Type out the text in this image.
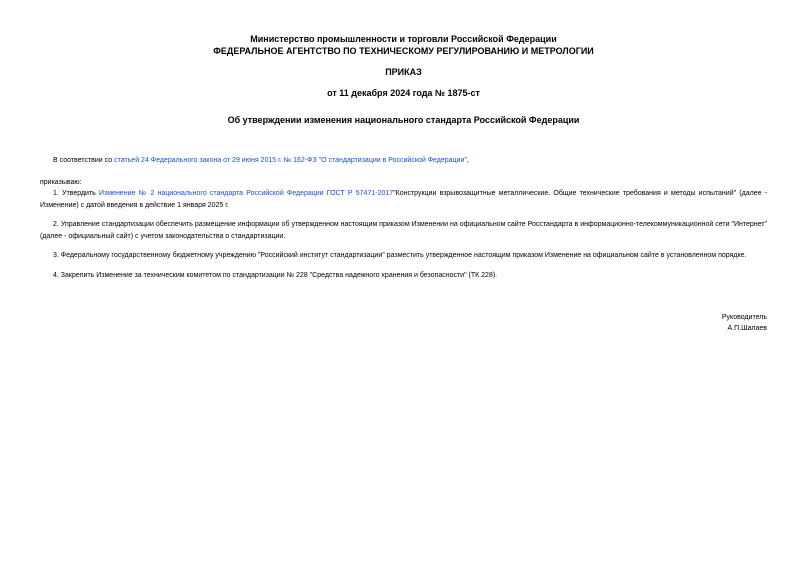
Министерство промышленности и торговли Российской Федерации
ФЕДЕРАЛЬНОЕ АГЕНТСТВО ПО ТЕХНИЧЕСКОМУ РЕГУЛИРОВАНИЮ И МЕТРОЛОГИИ
ПРИКАЗ
от 11 декабря 2024 года № 1875-ст
Об утверждении изменения национального стандарта Российской Федерации
В соответствии со статьей 24 Федерального закона от 29 июня 2015 г. № 162-ФЗ "О стандартизации в Российской Федерации",
приказываю:
1. Утвердить Изменение № 2 национального стандарта Российской Федерации ГОСТ Р 57471-2017"Конструкции взрывозащитные металлические. Общие технические требования и методы испытаний" (далее - Изменение) с датой введения в действие 1 января 2025 г.
2. Управление стандартизации обеспечить размещение информации об утвержденном настоящим приказом Изменении на официальном сайте Росстандарта в информационно-телекоммуникационной сети "Интернет" (далее - официальный сайт) с учетом законодательства о стандартизации.
3. Федеральному государственному бюджетному учреждению "Российский институт стандартизации" разместить утвержденное настоящим приказом Изменение на официальном сайте в установленном порядке.
4. Закрепить Изменение за техническим комитетом по стандартизации № 228 "Средства надежного хранения и безопасности" (ТК 228).
Руководитель
А.П.Шалаев
